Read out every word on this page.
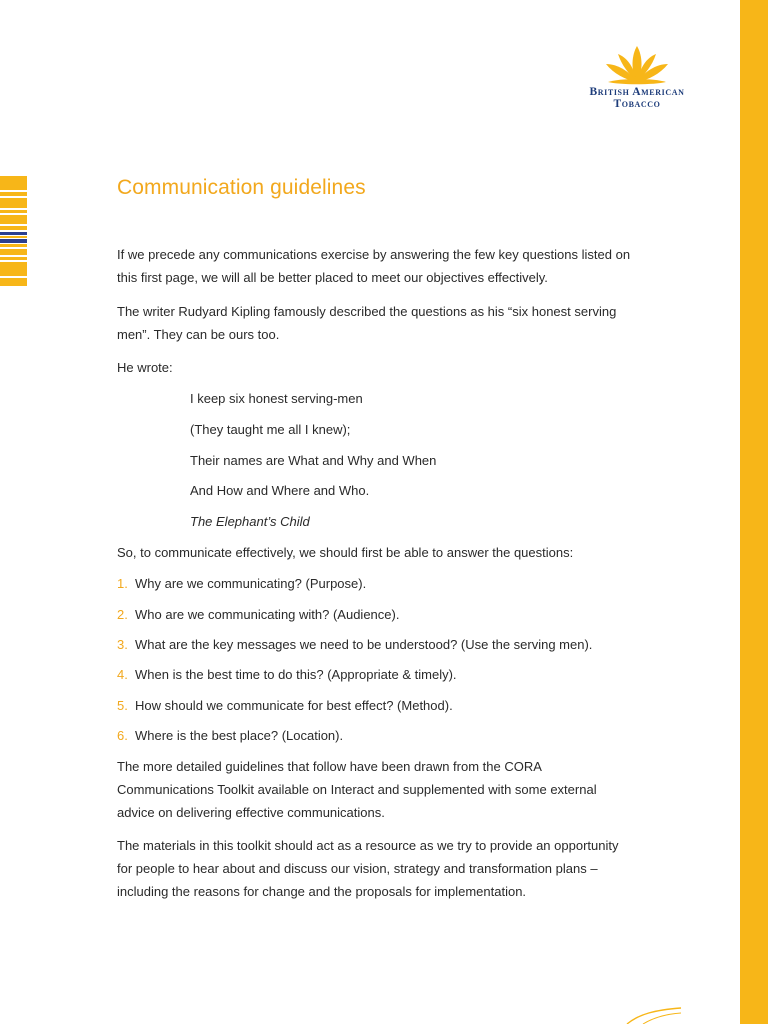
British American
Tobacco
Communication guidelines

If we precede any communications exercise by answering the few key questions listed on this first page, we will all be better placed to meet our objectives effectively.

The writer Rudyard Kipling famously described the questions as his “six honest serving men”. They can be ours too.

He wrote:

I keep six honest serving-men
(They taught me all I knew);
Their names are What and Why and When
And How and Where and Who.
The Elephant’s Child

So, to communicate effectively, we should first be able to answer the questions:

1. Why are we communicating? (Purpose).
2. Who are we communicating with? (Audience).
3. What are the key messages we need to be understood? (Use the serving men).
4. When is the best time to do this? (Appropriate & timely).
5. How should we communicate for best effect? (Method).
6. Where is the best place? (Location).

The more detailed guidelines that follow have been drawn from the CORA Communications Toolkit available on Interact and supplemented with some external advice on delivering effective communications.

The materials in this toolkit should act as a resource as we try to provide an opportunity for people to hear about and discuss our vision, strategy and transformation plans – including the reasons for change and the proposals for implementation.
